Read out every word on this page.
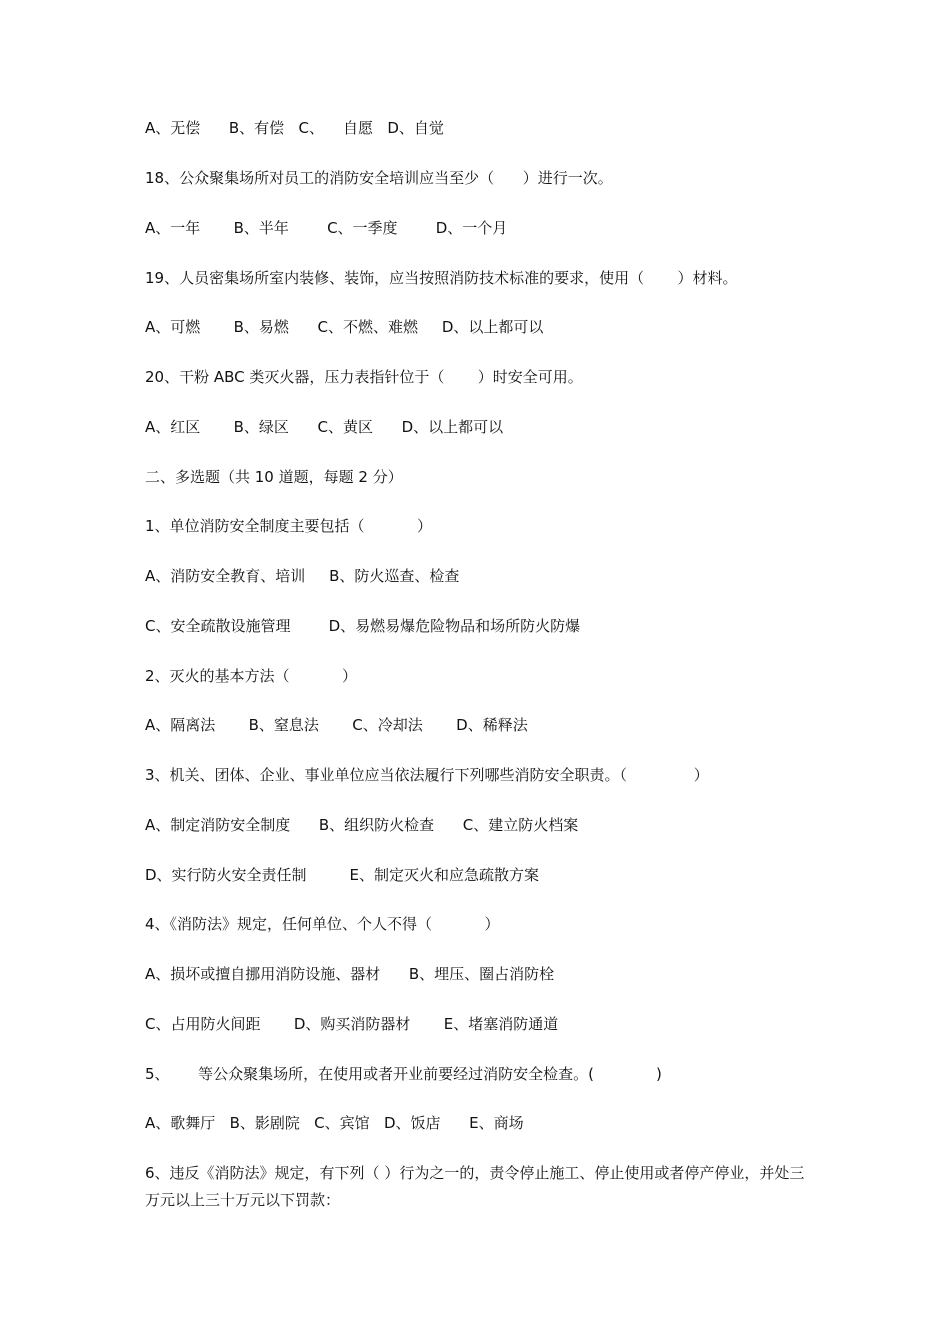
A、无偿      B、有偿   C、    自愿   D、自觉
18、公众聚集场所对员工的消防安全培训应当至少（      ）进行一次。
A、一年       B、半年        C、一季度        D、一个月
19、人员密集场所室内装修、装饰，应当按照消防技术标准的要求，使用（       ）材料。
A、可燃       B、易燃      C、不燃、难燃     D、以上都可以
20、干粉 ABC 类灭火器，压力表指针位于（       ）时安全可用。
A、红区       B、绿区      C、黄区      D、以上都可以
二、多选题（共 10 道题，每题 2 分）
1、单位消防安全制度主要包括（           ）
A、消防安全教育、培训     B、防火巡查、检查
C、安全疏散设施管理        D、易燃易爆危险物品和场所防火防爆
2、灭火的基本方法（           ）
A、隔离法       B、窒息法       C、冷却法       D、稀释法
3、机关、团体、企业、事业单位应当依法履行下列哪些消防安全职责。（              ）
A、制定消防安全制度      B、组织防火检查      C、建立防火档案
D、实行防火安全责任制         E、制定灭火和应急疏散方案
4、《消防法》规定，任何单位、个人不得（           ）
A、损坏或擅自挪用消防设施、器材      B、埋压、圈占消防栓
C、占用防火间距       D、购买消防器材       E、堵塞消防通道
5、      等公众聚集场所，在使用或者开业前要经过消防安全检查。(             )
A、歌舞厅   B、影剧院   C、宾馆   D、饭店      E、商场
6、违反《消防法》规定，有下列（ ）行为之一的，责令停止施工、停止使用或者停产停业，并处三万元以上三十万元以下罚款：
